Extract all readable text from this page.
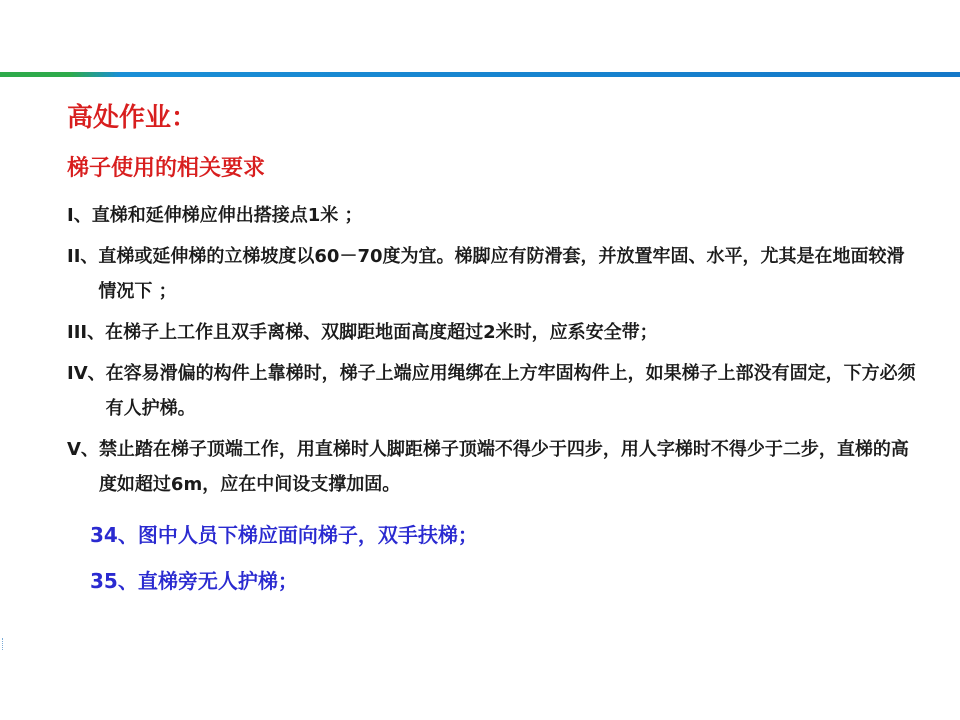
高处作业：
梯子使用的相关要求
I、 直梯和延伸梯应伸出搭接点1米 ；
II、 直梯或延伸梯的立梯坡度以60－70度为宜。梯脚应有防滑套，并放置牢固、水平，尤其是在地面较滑情况下 ；
III、 在梯子上工作且双手离梯、双脚距地面高度超过2米时，应系安全带；
IV、 在容易滑偏的构件上靠梯时，梯子上端应用绳绑在上方牢固构件上，如果梯子上部没有固定，下方必须有人护梯。
V、 禁止踏在梯子顶端工作，用直梯时人脚距梯子顶端不得少于四步，用人字梯时不得少于二步，直梯的高度如超过6m，应在中间设支撑加固。
34、图中人员下梯应面向梯子，双手扶梯；
35、直梯旁无人护梯；
